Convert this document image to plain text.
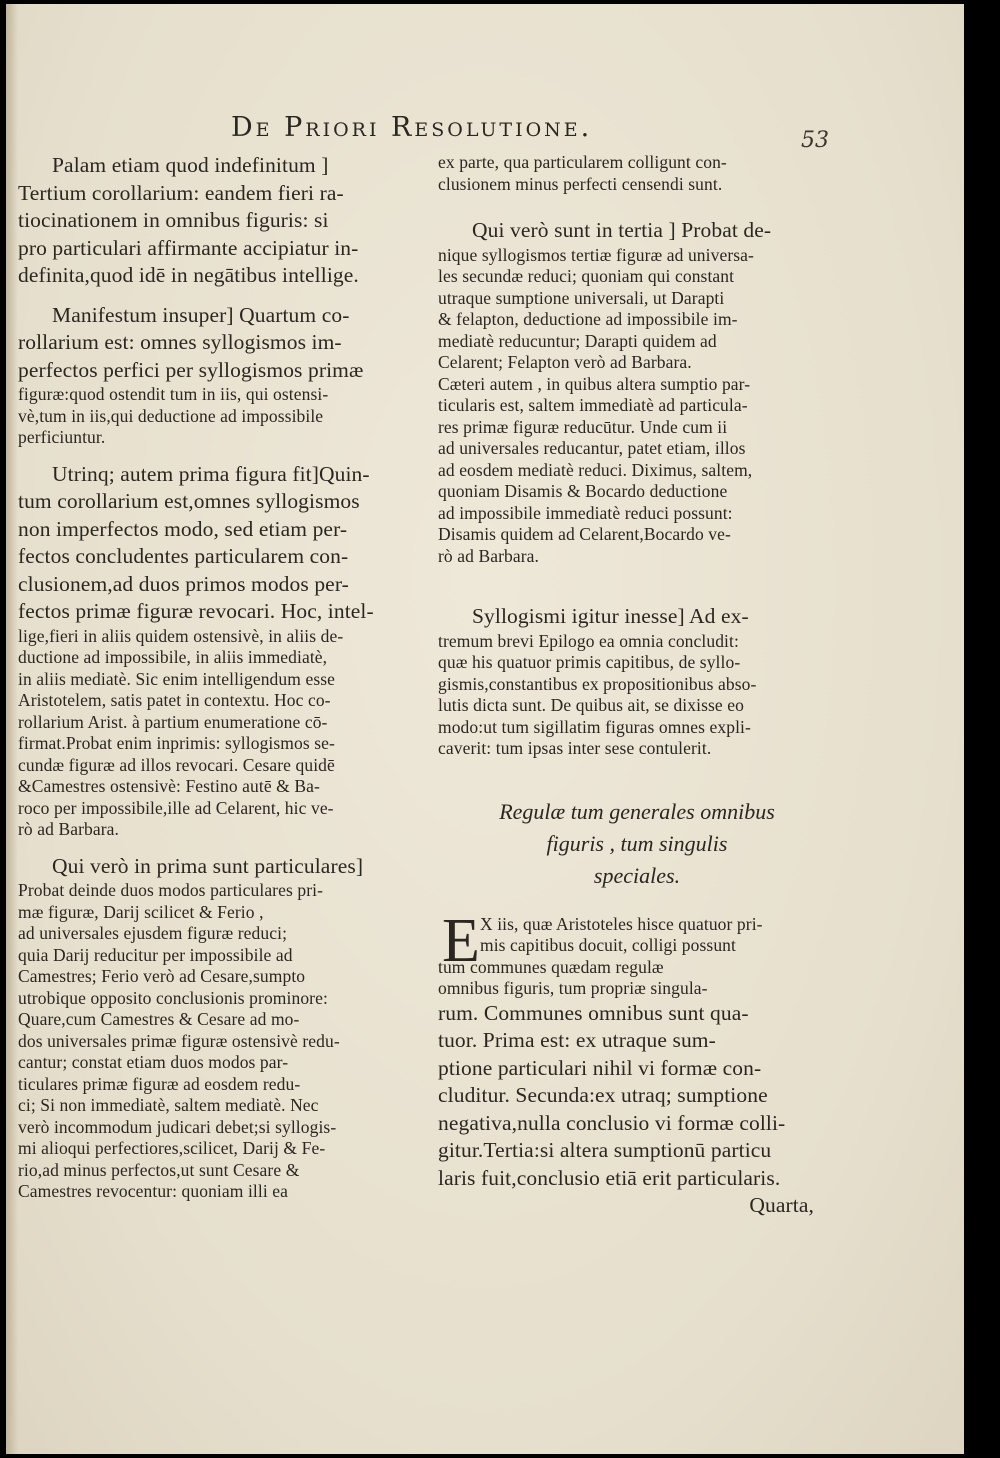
De Priori Resolutione.	53
Palam etiam quod indefinitum ]
Tertium corollarium: eandem fieri ra-
tiocinationem in omnibus figuris: si
pro particulari affirmante accipiatur in-
definita,quod idē in negātibus intellige.
Manifestum insuper] Quartum co-
rollarium est: omnes syllogismos im-
perfectos perfici per syllogismos primæ
figuræ:quod ostendit tum in iis, qui ostensi-
vè,tum in iis,qui deductione ad impossibile
perficiuntur.
Utrinq; autem prima figura fit]Quin-
tum corollarium est,omnes syllogismos
non imperfectos modo, sed etiam per-
fectos concludentes particularem con-
clusionem,ad duos primos modos per-
fectos primæ figuræ revocari. Hoc, intel-
lige,fieri in aliis quidem ostensivè, in aliis de-
ductione ad impossibile, in aliis immediatè,
in aliis mediatè. Sic enim intelligendum esse
Aristotelem, satis patet in contextu. Hoc co-
rollarium Arist. à partium enumeratione cō-
firmat.Probat enim inprimis: syllogismos se-
cundæ figuræ ad illos revocari. Cesare quidē
&Camestres ostensivè: Festino autē & Ba-
roco per impossibile,ille ad Celarent, hic ve-
rò ad Barbara.
Qui verò in prima sunt particulares]
Probat deinde duos modos particulares pri-
mæ figuræ, Darij scilicet & Ferio ,
ad universales ejusdem figuræ reduci;
quia Darij reducitur per impossibile ad
Camestres; Ferio verò ad Cesare,sumpto
utrobique opposito conclusionis prominore:
Quare,cum Camestres & Cesare ad mo-
dos universales primæ figuræ ostensivè redu-
cantur; constat etiam duos modos par-
ticulares primæ figuræ ad eosdem redu-
ci; Si non immediatè, saltem mediatè. Nec
verò incommodum judicari debet;si syllogis-
mi alioqui perfectiores,scilicet, Darij & Fe-
rio,ad minus perfectos,ut sunt Cesare &
Camestres revocentur: quoniam illi ea
ex parte, qua particularem colligunt con-
clusionem minus perfecti censendi sunt.
Qui verò sunt in tertia ] Probat de-
nique syllogismos tertiæ figuræ ad universa-
les secundæ reduci; quoniam qui constant
utraque sumptione universali, ut Darapti
& felapton, deductione ad impossibile im-
mediatè reducuntur; Darapti quidem ad
Celarent; Felapton verò ad Barbara.
Cæteri autem , in quibus altera sumptio par-
ticularis est, saltem immediatè ad particula-
res primæ figuræ reducūtur. Unde cum ii
ad universales reducantur, patet etiam, illos
ad eosdem mediatè reduci. Diximus, saltem,
quoniam Disamis & Bocardo deductione
ad impossibile immediatè reduci possunt:
Disamis quidem ad Celarent,Bocardo ve-
rò ad Barbara.
Syllogismi igitur inesse] Ad ex-
tremum brevi Epilogo ea omnia concludit:
quæ his quatuor primis capitibus, de syllo-
gismis,constantibus ex propositionibus abso-
lutis dicta sunt. De quibus ait, se dixisse eo
modo:ut tum sigillatim figuras omnes expli-
caverit: tum ipsas inter sese contulerit.
Regulæ tum generales omnibus
figuris , tum singulis
speciales.
E X iis, quæ Aristoteles hisce quatuor pri-
mis capitibus docuit, colligi possunt
tum communes quædam regulæ
omnibus figuris, tum propriæ singula-
rum. Communes omnibus sunt qua-
tuor. Prima est: ex utraque sum-
ptione particulari nihil vi formæ con-
cluditur. Secunda:ex utraq; sumptione
negativa,nulla conclusio vi formæ colli-
gitur.Tertia:si altera sumptionū particu
laris fuit,conclusio etiā erit particularis.
Quarta,
